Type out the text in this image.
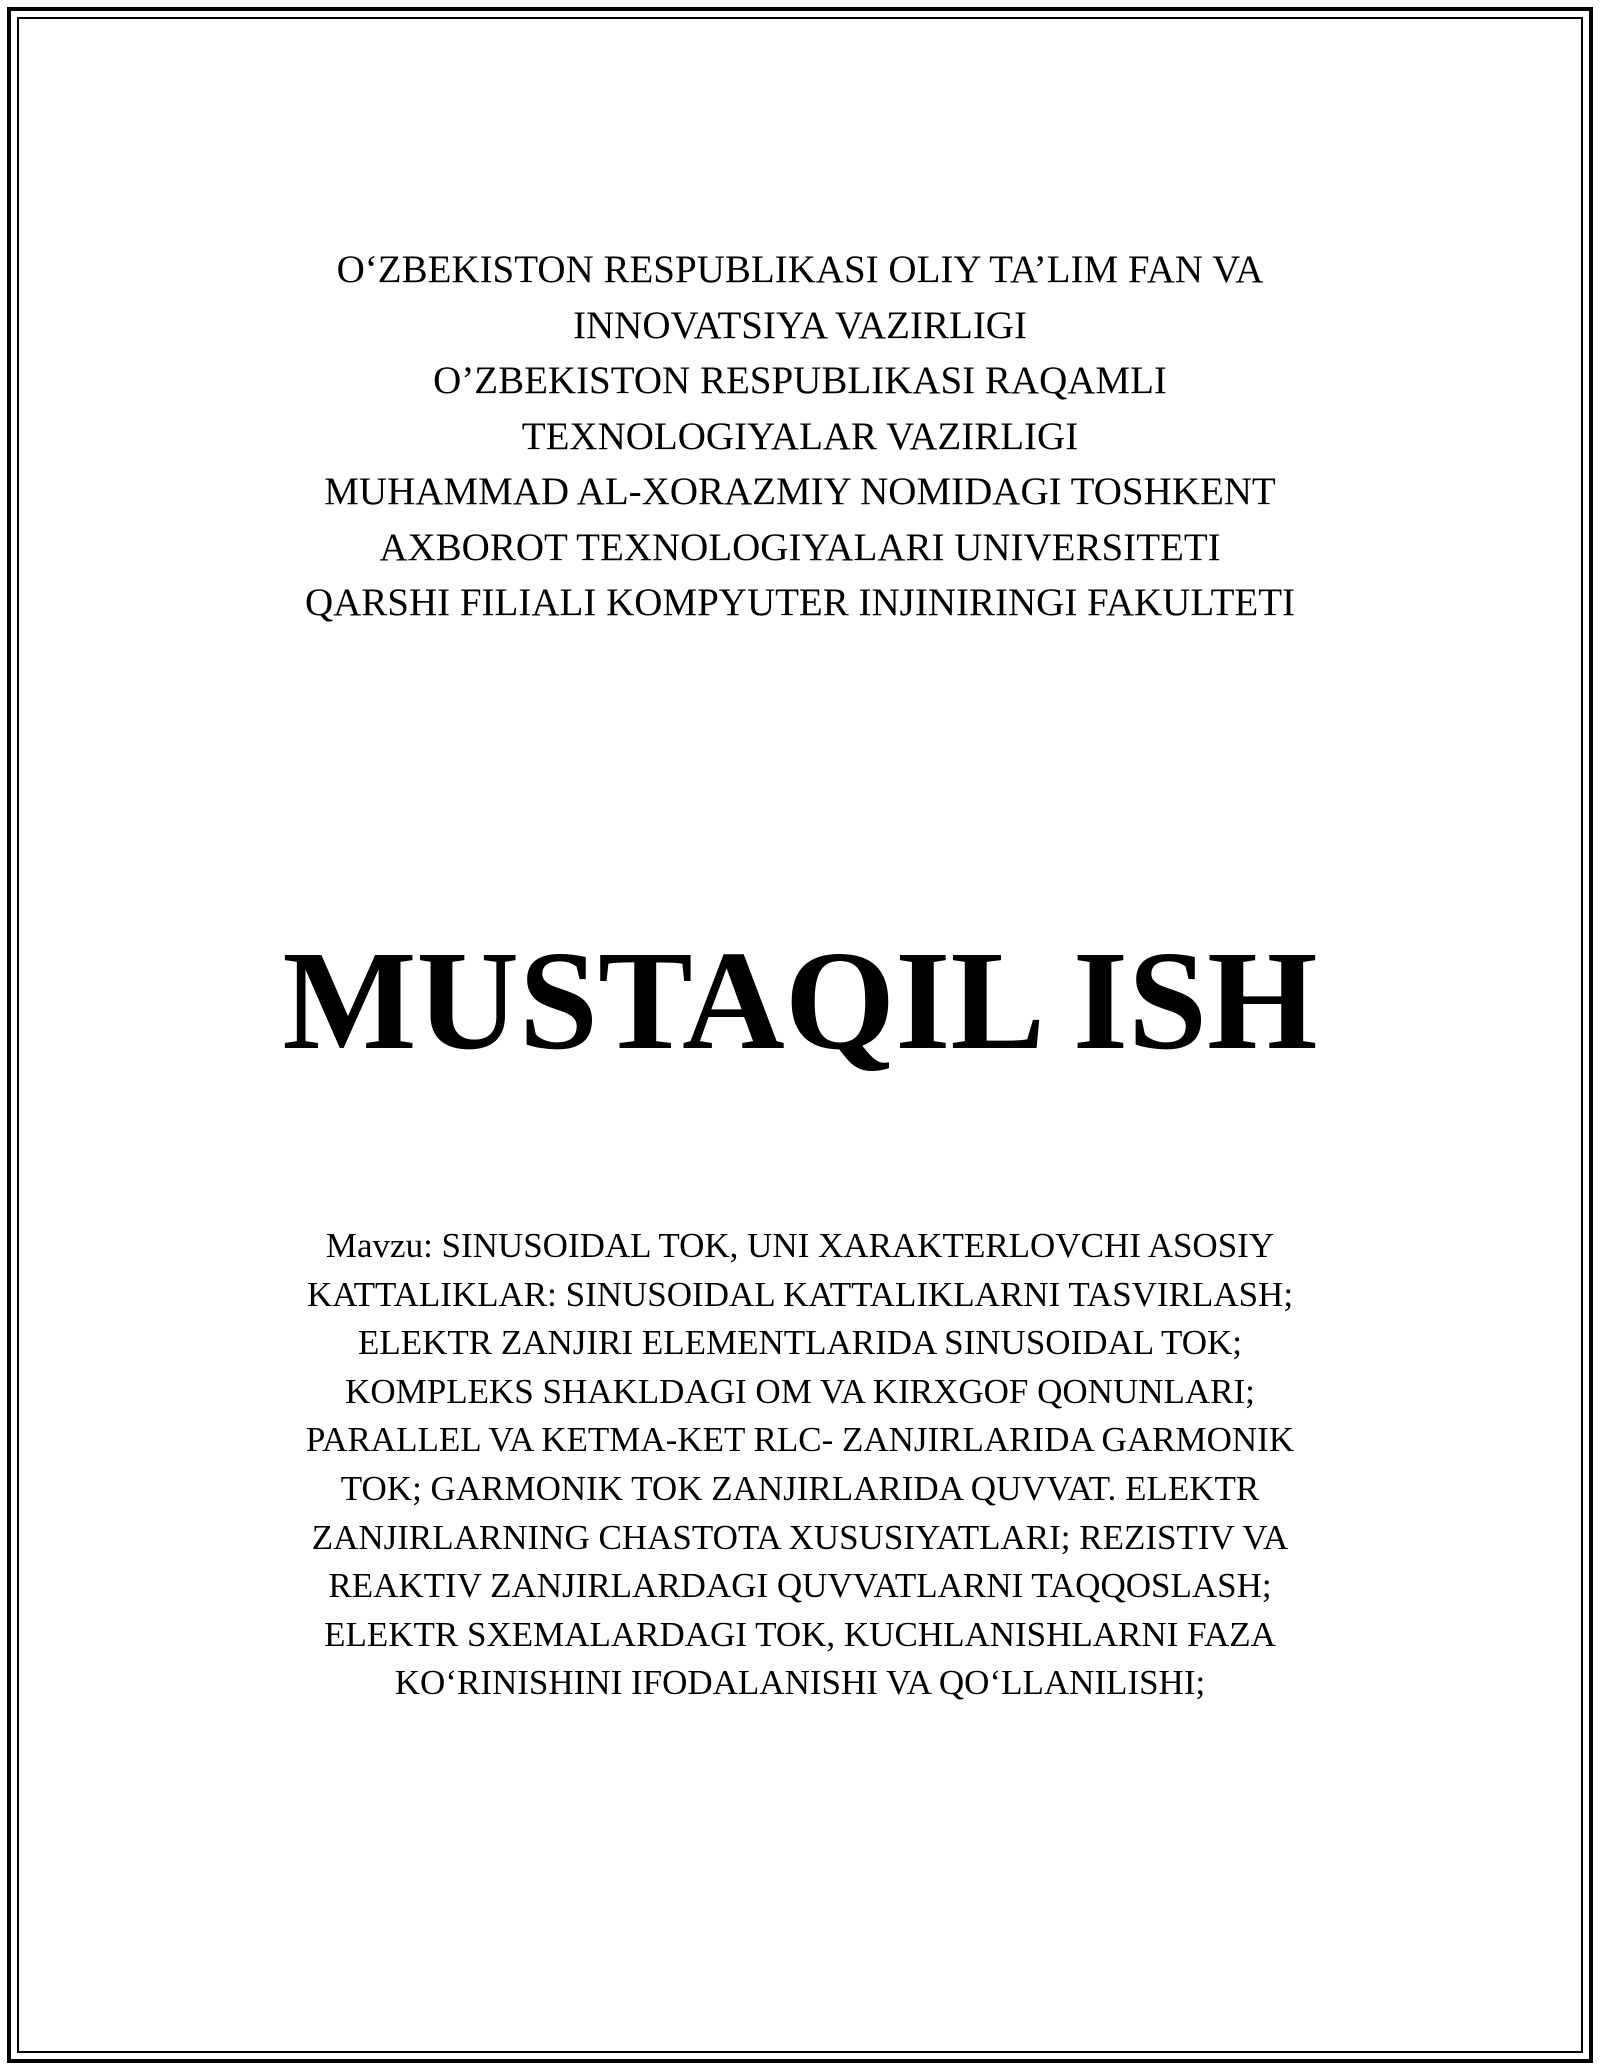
O‘ZBEKISTON RESPUBLIKASI OLIY TA’LIM FAN VA
INNOVATSIYA VAZIRLIGI
O’ZBEKISTON RESPUBLIKASI RAQAMLI
TEXNOLOGIYALAR VAZIRLIGI
MUHAMMAD AL-XORAZMIY NOMIDAGI TOSHKENT
AXBOROT TEXNOLOGIYALARI UNIVERSITETI
QARSHI FILIALI KOMPYUTER INJINIRINGI FAKULTETI
MUSTAQIL ISH
Mavzu: SINUSOIDAL TOK, UNI XARAKTERLOVCHI ASOSIY
KATTALIKLAR: SINUSOIDAL KATTALIKLARNI TASVIRLASH;
ELEKTR ZANJIRI ELEMENTLARIDA SINUSOIDAL TOK;
KOMPLEKS SHAKLDAGI OM VA KIRXGOF QONUNLARI;
PARALLEL VA KETMA-KET RLC- ZANJIRLARIDA GARMONIK
TOK; GARMONIK TOK ZANJIRLARIDA QUVVAT. ELEKTR
ZANJIRLARNING CHASTOTA XUSUSIYATLARI; REZISTIV VA
REAKTIV ZANJIRLARDAGI QUVVATLARNI TAQQOSLASH;
ELEKTR SXEMALARDAGI TOK, KUCHLANISHLARNI FAZA
KO‘RINISHINI IFODALANISHI VA QO‘LLANILISHI;
